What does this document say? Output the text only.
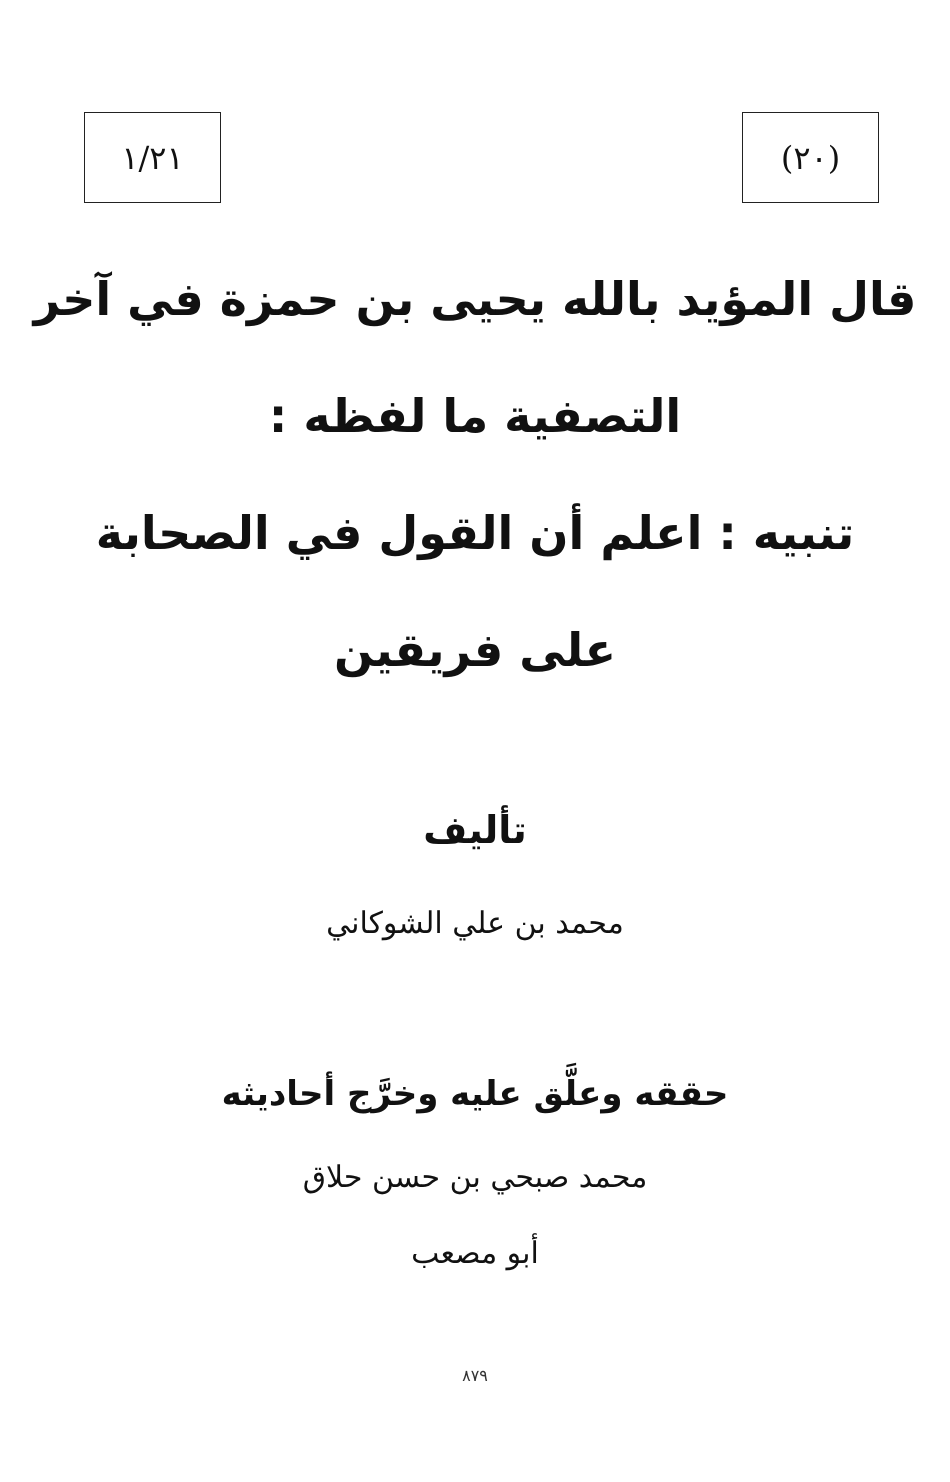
١/٢١	(٢٠)
قال المؤيد بالله يحيى بن حمزة في آخر
التصفية ما لفظه :
تنبيه : اعلم أن القول في الصحابة
على فريقين
تأليف
محمد بن علي الشوكاني
حققه وعلَّق عليه وخرَّج أحاديثه
محمد صبحي بن حسن حلاق
أبو مصعب
٨٧٩
